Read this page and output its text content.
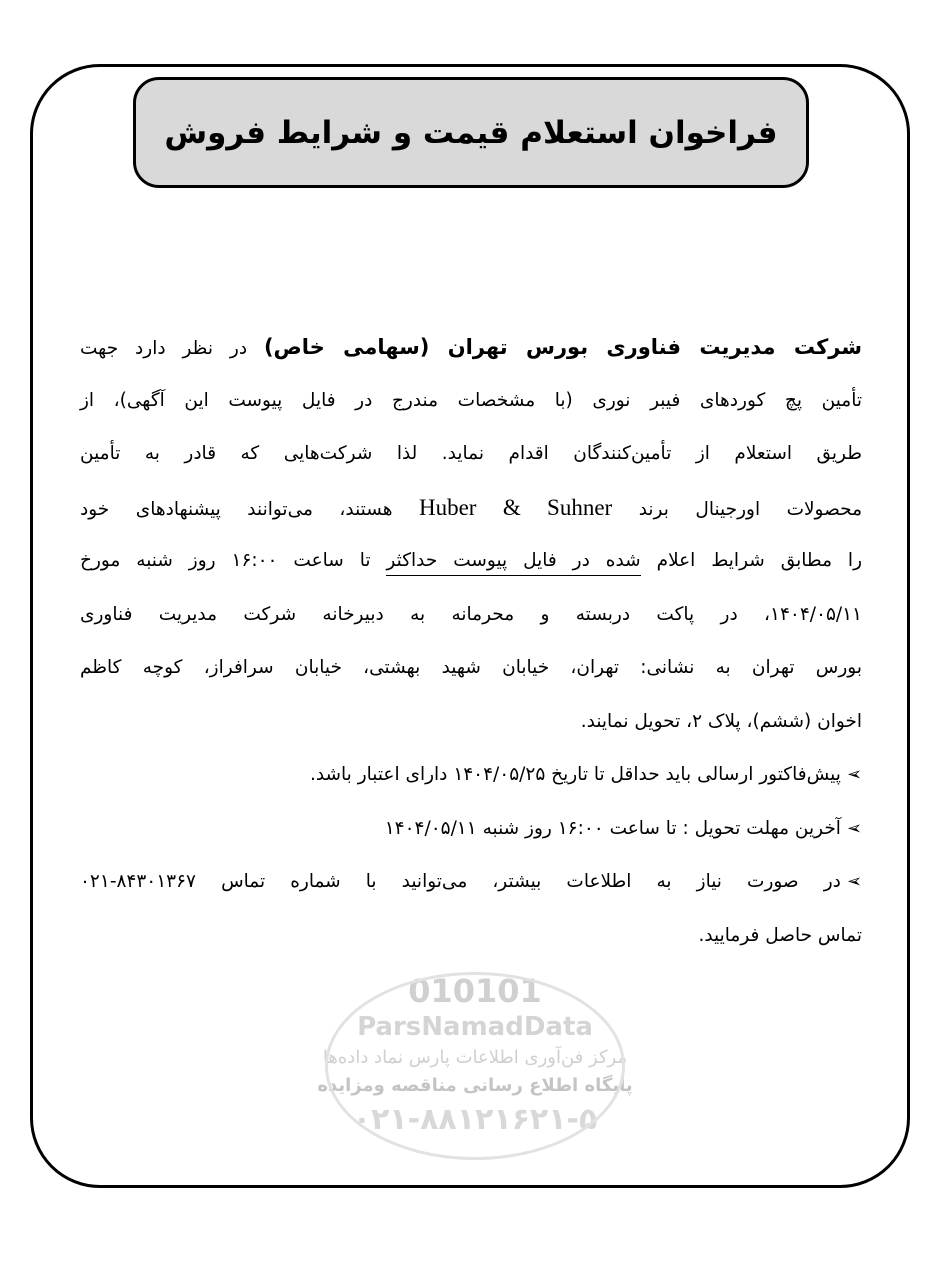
فراخوان استعلام قیمت و شرایط فروش
شرکت مدیریت فناوری بورس تهران (سهامی خاص) در نظر دارد جهت
تأمین پچ کوردهای فیبر نوری (با مشخصات مندرج در فایل پیوست این آگهی)، از
طریق استعلام از تأمین‌کنندگان اقدام نماید. لذا شرکت‌هایی که قادر به تأمین
محصولات اورجینال برند Huber & Suhner هستند، می‌توانند پیشنهادهای خود
را مطابق شرایط اعلام شده در فایل پیوست حداکثر تا ساعت ۱۶:۰۰ روز شنبه مورخ
۱۴۰۴/۰۵/۱۱، در پاکت دربسته و محرمانه به دبیرخانه شرکت مدیریت فناوری
بورس تهران به نشانی: تهران، خیابان شهید بهشتی، خیابان سرافراز، کوچه کاظم
اخوان (ششم)، پلاک ۲، تحویل نمایند.
➢پیش‌فاکتور ارسالی باید حداقل تا تاریخ ۱۴۰۴/۰۵/۲۵ دارای اعتبار باشد.
➢آخرین مهلت تحویل : تا ساعت ۱۶:۰۰ روز شنبه ۱۴۰۴/۰۵/۱۱
➢در صورت نیاز به اطلاعات بیشتر، می‌توانید با شماره تماس ۸۴۳۰۱۳۶۷-۰۲۱
تماس حاصل فرمایید.
010101
ParsNamadData
مرکز فن‌آوری اطلاعات پارس نماد داده‌ها
پایگاه اطلاع رسانی مناقصه ومزایده
۰۲۱-۸۸۱۲۱۶۲۱-۵
